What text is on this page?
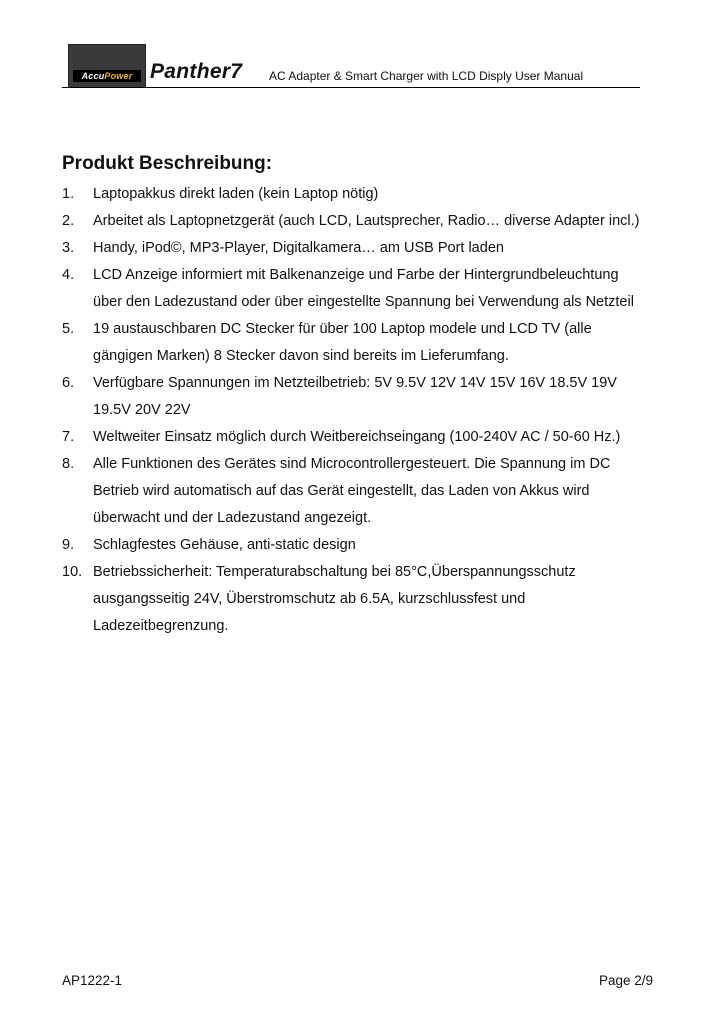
AccuPower Panther7 AC Adapter & Smart Charger with LCD Disply User Manual
Produkt Beschreibung:
1. Laptopakkus direkt laden (kein Laptop nötig)
2. Arbeitet als Laptopnetzgerät (auch LCD, Lautsprecher, Radio… diverse Adapter incl.)
3. Handy, iPod©, MP3-Player, Digitalkamera… am USB Port laden
4. LCD Anzeige informiert mit Balkenanzeige und Farbe der Hintergrundbeleuchtung
über den Ladezustand oder über eingestellte Spannung bei Verwendung als Netzteil
5. 19 austauschbaren DC Stecker für über 100 Laptop modele und LCD TV (alle
gängigen Marken) 8 Stecker davon sind bereits im Lieferumfang.
6. Verfügbare Spannungen im Netzteilbetrieb: 5V 9.5V 12V 14V 15V 16V 18.5V 19V
19.5V 20V 22V
7. Weltweiter Einsatz möglich durch Weitbereichseingang (100-240V AC / 50-60 Hz.)
8. Alle Funktionen des Gerätes sind Microcontrollergesteuert. Die Spannung im DC
Betrieb wird automatisch auf das Gerät eingestellt, das Laden von Akkus wird
überwacht und der Ladezustand angezeigt.
9. Schlagfestes Gehäuse, anti-static design
10. Betriebssicherheit: Temperaturabschaltung bei 85°C,Überspannungsschutz
ausgangsseitig 24V, Überstromschutz ab 6.5A, kurzschlussfest und
Ladezeitbegrenzung.
AP1222-1	Page 2/9
